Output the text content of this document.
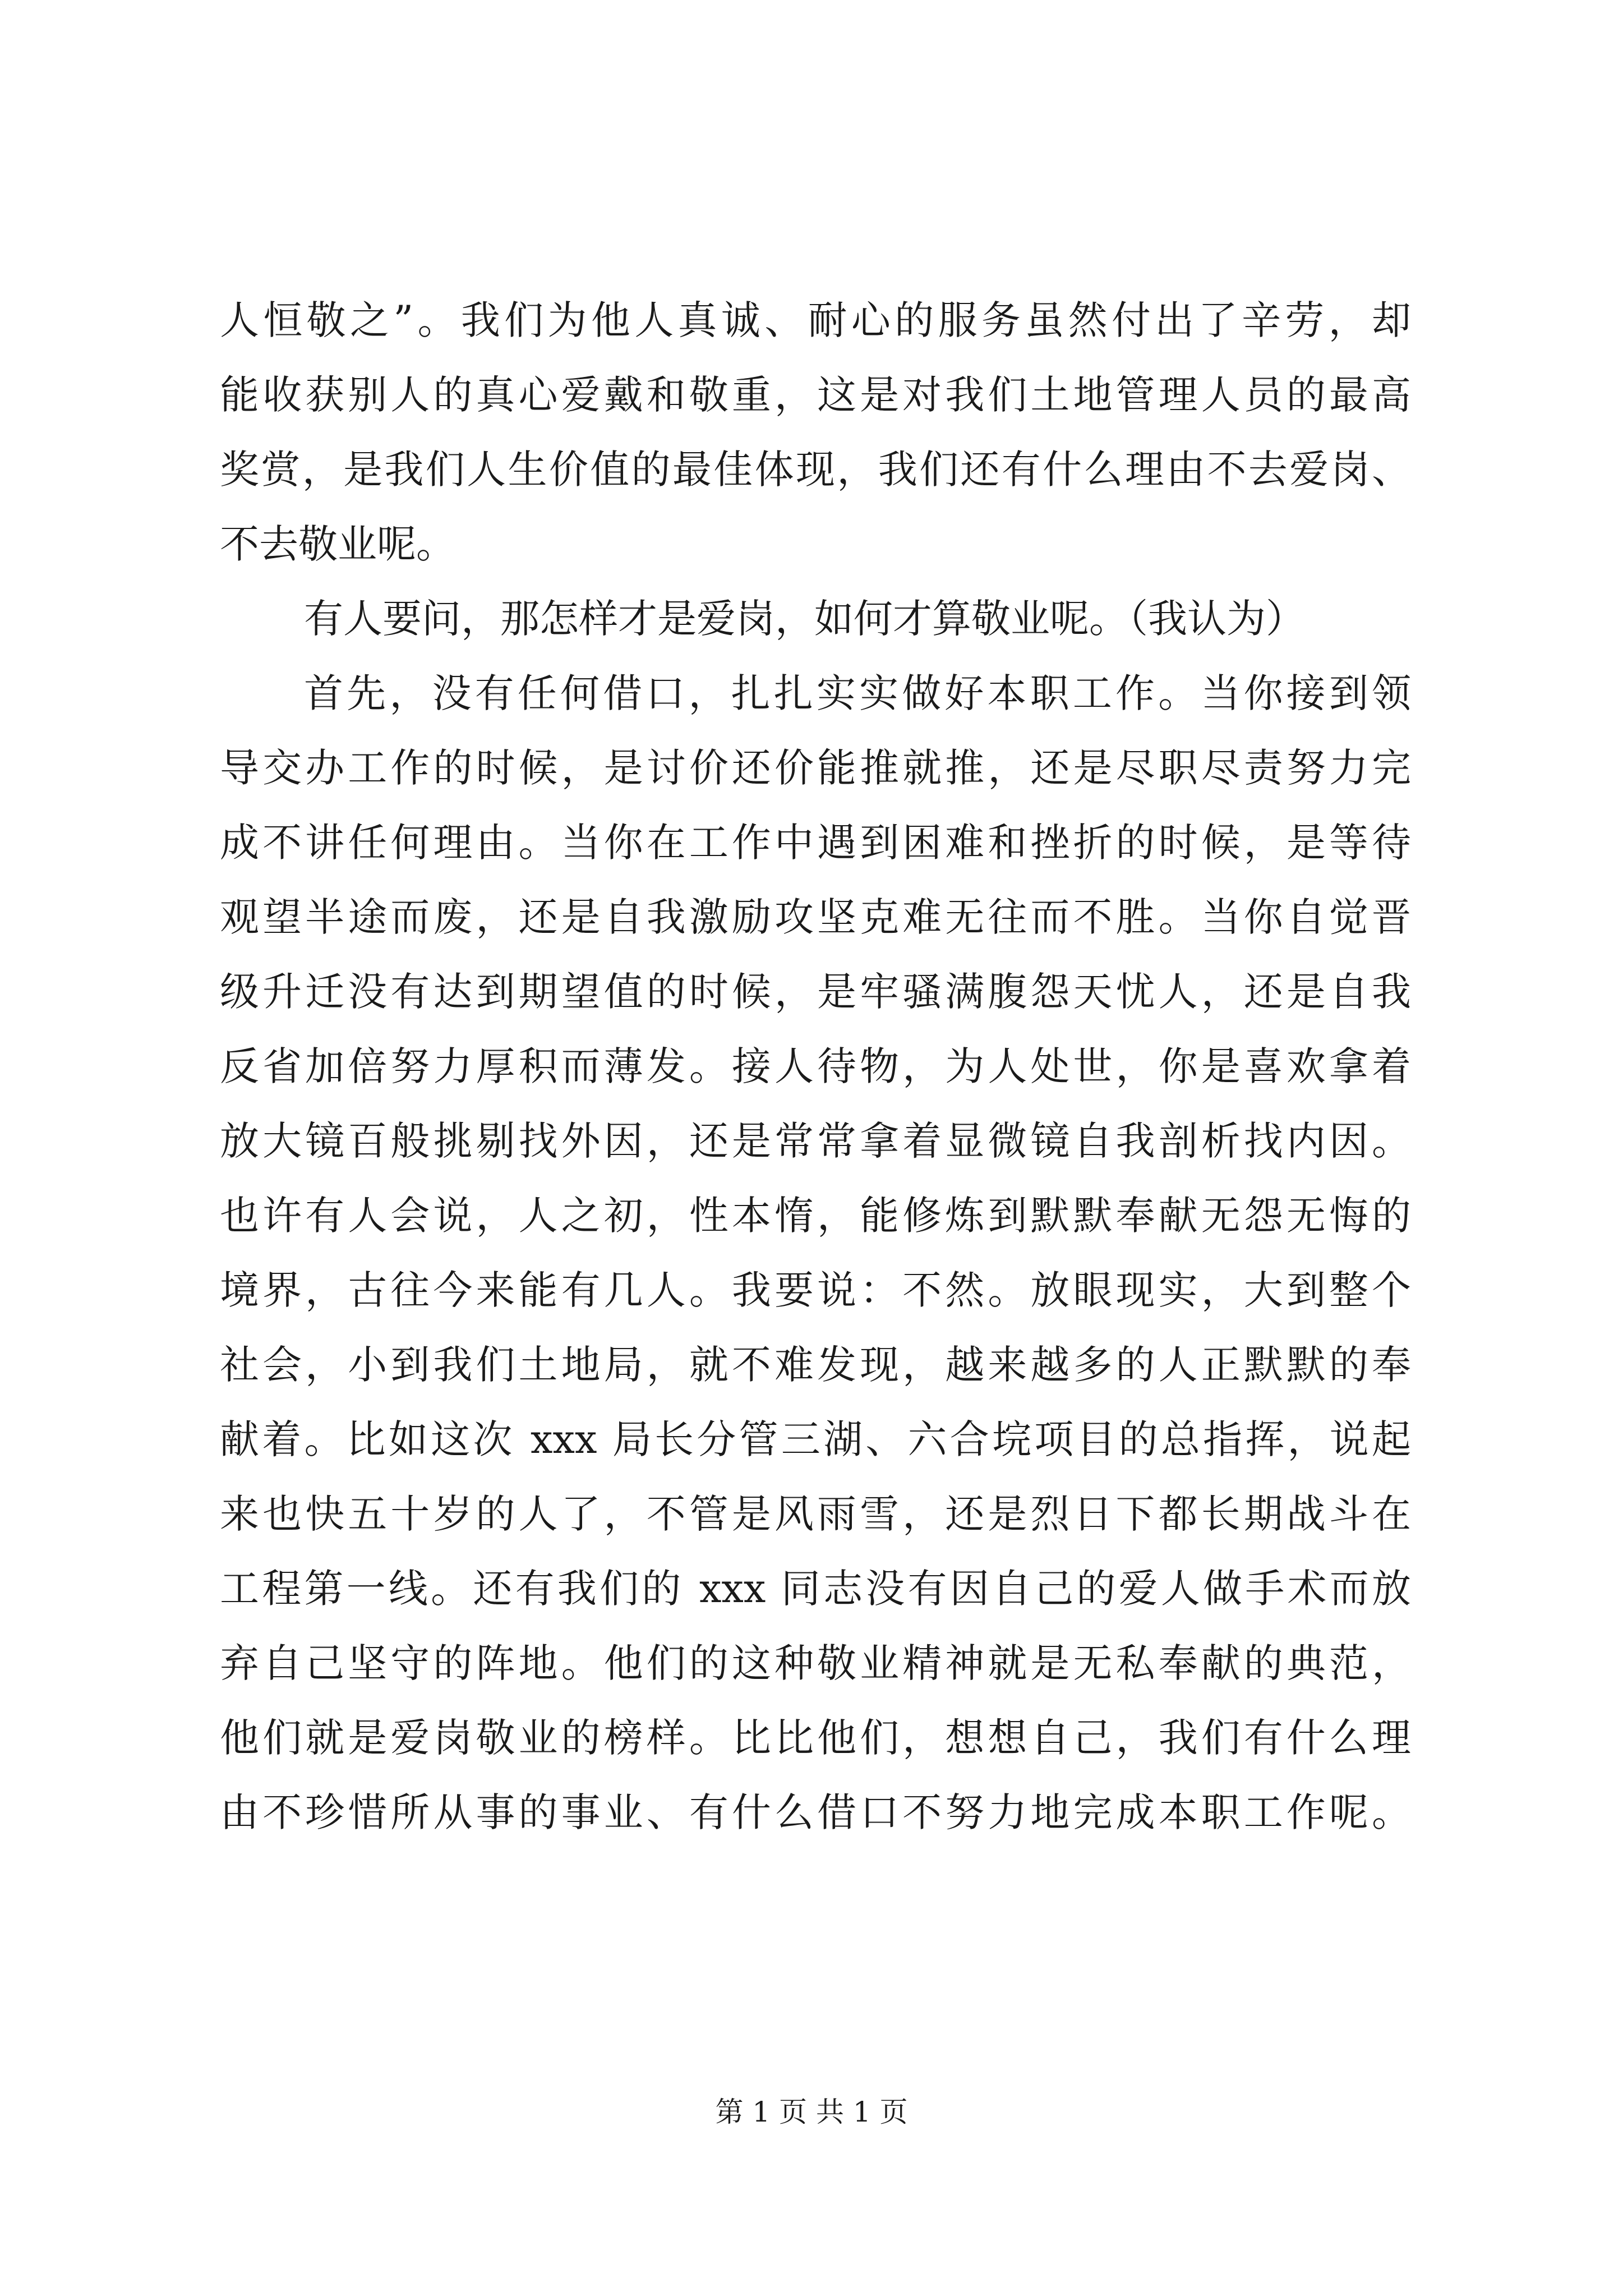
人恒敬之”。我们为他人真诚、耐心的服务虽然付出了辛劳，却
能收获别人的真心爱戴和敬重，这是对我们土地管理人员的最高
奖赏，是我们人生价值的最佳体现，我们还有什么理由不去爱岗、
不去敬业呢。
有人要问，那怎样才是爱岗，如何才算敬业呢。（我认为）
首先，没有任何借口，扎扎实实做好本职工作。当你接到领
导交办工作的时候，是讨价还价能推就推，还是尽职尽责努力完
成不讲任何理由。当你在工作中遇到困难和挫折的时候，是等待
观望半途而废，还是自我激励攻坚克难无往而不胜。当你自觉晋
级升迁没有达到期望值的时候，是牢骚满腹怨天忧人，还是自我
反省加倍努力厚积而薄发。接人待物，为人处世，你是喜欢拿着
放大镜百般挑剔找外因，还是常常拿着显微镜自我剖析找内因。
也许有人会说，人之初，性本惰，能修炼到默默奉献无怨无悔的
境界，古往今来能有几人。我要说：不然。放眼现实，大到整个
社会，小到我们土地局，就不难发现，越来越多的人正默默的奉
献着。比如这次 xxx 局长分管三湖、六合垸项目的总指挥，说起
来也快五十岁的人了，不管是风雨雪，还是烈日下都长期战斗在
工程第一线。还有我们的 xxx 同志没有因自己的爱人做手术而放
弃自己坚守的阵地。他们的这种敬业精神就是无私奉献的典范，
他们就是爱岗敬业的榜样。比比他们，想想自己，我们有什么理
由不珍惜所从事的事业、有什么借口不努力地完成本职工作呢。
第 1 页 共 1 页
